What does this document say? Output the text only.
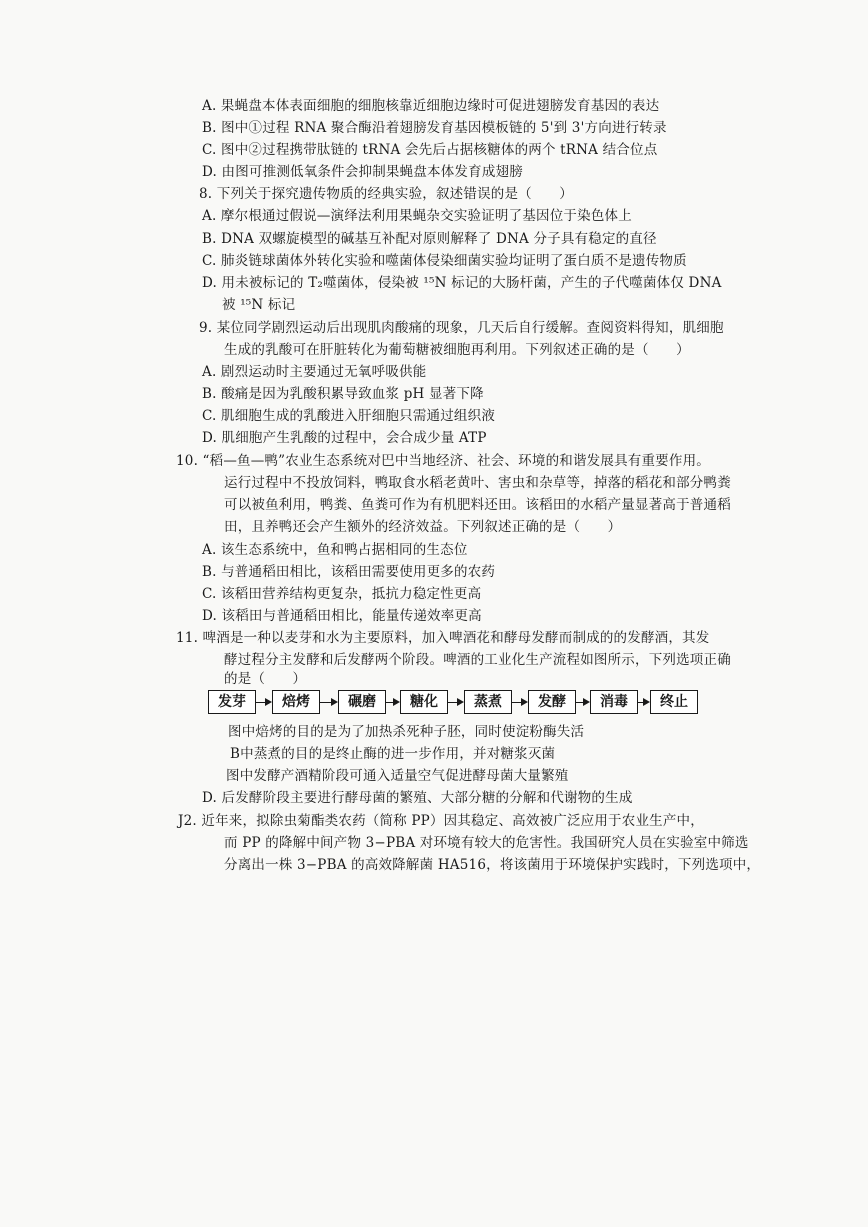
A. 果蝇盘本体表面细胞的细胞核靠近细胞边缘时可促进翅膀发育基因的表达
B. 图中①过程 RNA 聚合酶沿着翅膀发育基因模板链的 5'到 3'方向进行转录
C. 图中②过程携带肽链的 tRNA 会先后占据核糖体的两个 tRNA 结合位点
D. 由图可推测低氧条件会抑制果蝇盘本体发育成翅膀
8. 下列关于探究遗传物质的经典实验，叙述错误的是（　　）
A. 摩尔根通过假说—演绎法利用果蝇杂交实验证明了基因位于染色体上
B. DNA 双螺旋模型的碱基互补配对原则解释了 DNA 分子具有稳定的直径
C. 肺炎链球菌体外转化实验和噬菌体侵染细菌实验均证明了蛋白质不是遗传物质
D. 用未被标记的 T₂噬菌体，侵染被 ¹⁵N 标记的大肠杆菌，产生的子代噬菌体仅 DNA
被 ¹⁵N 标记
9. 某位同学剧烈运动后出现肌肉酸痛的现象，几天后自行缓解。查阅资料得知，肌细胞
生成的乳酸可在肝脏转化为葡萄糖被细胞再利用。下列叙述正确的是（　　）
A. 剧烈运动时主要通过无氧呼吸供能
B. 酸痛是因为乳酸积累导致血浆 pH 显著下降
C. 肌细胞生成的乳酸进入肝细胞只需通过组织液
D. 肌细胞产生乳酸的过程中，会合成少量 ATP
10. “稻—鱼—鸭”农业生态系统对巴中当地经济、社会、环境的和谐发展具有重要作用。
运行过程中不投放饲料，鸭取食水稻老黄叶、害虫和杂草等，掉落的稻花和部分鸭粪
可以被鱼利用，鸭粪、鱼粪可作为有机肥料还田。该稻田的水稻产量显著高于普通稻
田，且养鸭还会产生额外的经济效益。下列叙述正确的是（　　）
A. 该生态系统中，鱼和鸭占据相同的生态位
B. 与普通稻田相比，该稻田需要使用更多的农药
C. 该稻田营养结构更复杂，抵抗力稳定性更高
D. 该稻田与普通稻田相比，能量传递效率更高
11. 啤酒是一种以麦芽和水为主要原料，加入啤酒花和酵母发酵而制成的的发酵酒，其发
酵过程分主发酵和后发酵两个阶段。啤酒的工业化生产流程如图所示，下列选项正确
的是（　　）
发芽	焙烤	碾磨	糖化	蒸煮	发酵	消毒	终止
图中焙烤的目的是为了加热杀死种子胚，同时使淀粉酶失活
B中蒸煮的目的是终止酶的进一步作用，并对糖浆灭菌
图中发酵产酒精阶段可通入适量空气促进酵母菌大量繁殖
D. 后发酵阶段主要进行酵母菌的繁殖、大部分糖的分解和代谢物的生成
J2. 近年来，拟除虫菊酯类农药（简称 PP）因其稳定、高效被广泛应用于农业生产中，
而 PP 的降解中间产物 3−PBA 对环境有较大的危害性。我国研究人员在实验室中筛选
分离出一株 3−PBA 的高效降解菌 HA516，将该菌用于环境保护实践时，下列选项中，
